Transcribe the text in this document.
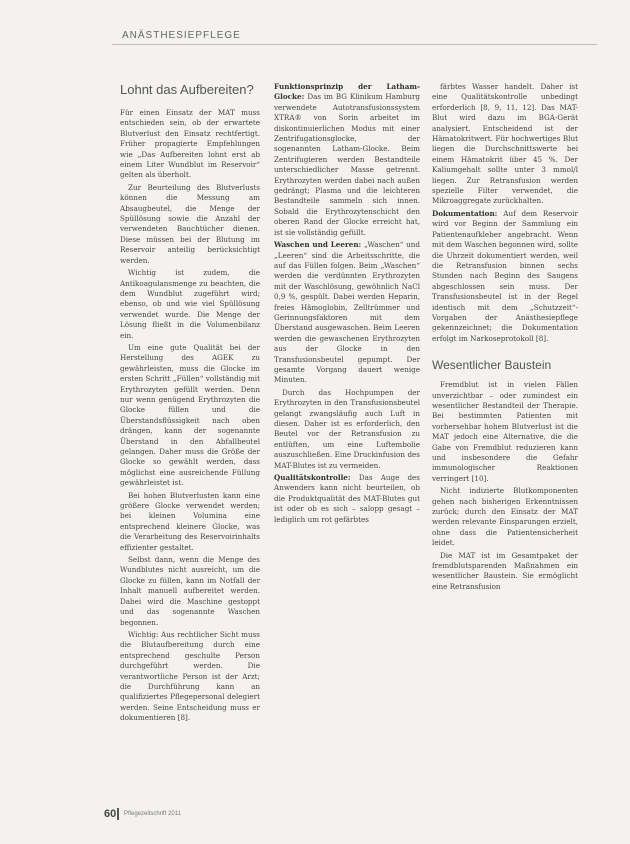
ANÄSTHESIEPFLEGE
Lohnt das Aufbereiten?

Für einen Einsatz der MAT muss entschieden sein, ob der erwartete Blutverlust den Einsatz rechtfertigt. Früher propagierte Empfehlungen wie „Das Aufbereiten lohnt erst ab einem Liter Wundblut im Reservoir“ gelten als überholt.

Zur Beurteilung des Blutverlusts können die Messung am Absaugbeutel, die Menge der Spüllösung sowie die Anzahl der verwendeten Bauchtücher dienen. Diese müssen bei der Blutung im Reservoir anteilig berücksichtigt werden.

Wichtig ist zudem, die Antikoagulansmenge zu beachten, die dem Wundblut zugeführt wird; ebenso, ob und wie viel Spüllösung verwendet wurde. Die Menge der Lösung fließt in die Volumenbilanz ein.

Um eine gute Qualität bei der Herstellung des AGEK zu gewährleisten, muss die Glocke im ersten Schritt „Füllen“ vollständig mit Erythrozyten gefüllt werden. Denn nur wenn genügend Erythrozyten die Glocke füllen und die Überstandsflüssigkeit nach oben drängen, kann der sogenannte Überstand in den Abfallbeutel gelangen. Daher muss die Größe der Glocke so gewählt werden, dass möglichst eine ausreichende Füllung gewährleistet ist.

Bei hohen Blutverlusten kann eine größere Glocke verwendet werden; bei kleinen Volumina eine entsprechend kleinere Glocke, was die Verarbeitung des Reservoirinhalts effizienter gestaltet.

Selbst dann, wenn die Menge des Wundblutes nicht ausreicht, um die Glocke zu füllen, kann im Notfall der Inhalt manuell aufbereitet werden. Dabei wird die Maschine gestoppt und das sogenannte Waschen begonnen.

Wichtig: Aus rechtlicher Sicht muss die Blutaufbereitung durch eine entsprechend geschulte Person durchgeführt werden. Die verantwortliche Person ist der Arzt; die Durchführung kann an qualifiziertes Pflegepersonal delegiert werden. Seine Entscheidung muss er dokumentieren [8].

Funktionsprinzip der Latham-Glocke: Das im BG Klinikum Hamburg verwendete Autotransfusionssystem XTRA® von Sorin arbeitet im diskontinuierlichen Modus mit einer Zentrifugationsglocke, der sogenannten Latham-Glocke. Beim Zentrifugieren werden Bestandteile unterschiedlicher Masse getrennt. Erythrozyten werden dabei nach außen gedrängt; Plasma und die leichteren Bestandteile sammeln sich innen. Sobald die Erythrozytenschicht den oberen Rand der Glocke erreicht hat, ist sie vollständig gefüllt.

Waschen und Leeren: „Waschen“ und „Leeren“ sind die Arbeitsschritte, die auf das Füllen folgen. Beim „Waschen“ werden die verdünnten Erythrozyten mit der Waschlösung, gewöhnlich NaCl 0,9 %, gespült. Dabei werden Heparin, freies Hämoglobin, Zelltrümmer und Gerinnungsfaktoren mit dem Überstand ausgewaschen. Beim Leeren werden die gewaschenen Erythrozyten aus der Glocke in den Transfusionsbeutel gepumpt. Der gesamte Vorgang dauert wenige Minuten.

Durch das Hochpumpen der Erythrozyten in den Transfusionsbeutel gelangt zwangsläufig auch Luft in diesen. Daher ist es erforderlich, den Beutel vor der Retransfusion zu entlüften, um eine Luftembolie auszuschließen. Eine Druckinfusion des MAT-Blutes ist zu vermeiden.

Qualitätskontrolle: Das Auge des Anwenders kann nicht beurteilen, ob die Produktqualität des MAT-Blutes gut ist oder ob es sich – salopp gesagt – lediglich um rot gefärbtes

färbtes Wasser handelt. Daher ist eine Qualitätskontrolle unbedingt erforderlich [8, 9, 11, 12]. Das MAT-Blut wird dazu im BGA-Gerät analysiert. Entscheidend ist der Hämatokritwert. Für hochwertiges Blut liegen die Durchschnittswerte bei einem Hämatokrit über 45 %. Der Kaliumgehalt sollte unter 3 mmol/l liegen. Zur Retransfusion werden spezielle Filter verwendet, die Mikroaggregate zurückhalten.

Dokumentation: Auf dem Reservoir wird vor Beginn der Sammlung ein Patientenaufkleber angebracht. Wenn mit dem Waschen begonnen wird, sollte die Uhrzeit dokumentiert werden, weil die Retransfusion binnen sechs Stunden nach Beginn des Saugens abgeschlossen sein muss. Der Transfusionsbeutel ist in der Regel identisch mit dem „Schutzzeit“-Vorgaben der Anästhesiepflege gekennzeichnet; die Dokumentation erfolgt im Narkoseprotokoll [8].

Wesentlicher Baustein

Fremdblut ist in vielen Fällen unverzichtbar – oder zumindest ein wesentlicher Bestandteil der Therapie. Bei bestimmten Patienten mit vorhersehbar hohem Blutverlust ist die MAT jedoch eine Alternative, die die Gabe von Fremdblut reduzieren kann und insbesondere die Gefahr immunologischer Reaktionen verringert [10].

Nicht indizierte Blutkomponenten gehen nach bisherigen Erkenntnissen zurück; durch den Einsatz der MAT werden relevante Einsparungen erzielt, ohne dass die Patientensicherheit leidet.

Die MAT ist im Gesamtpaket der fremdblutsparenden Maßnahmen ein wesentlicher Baustein. Sie ermöglicht eine Retransfusion

60 Pflegezeitschrift 2011
